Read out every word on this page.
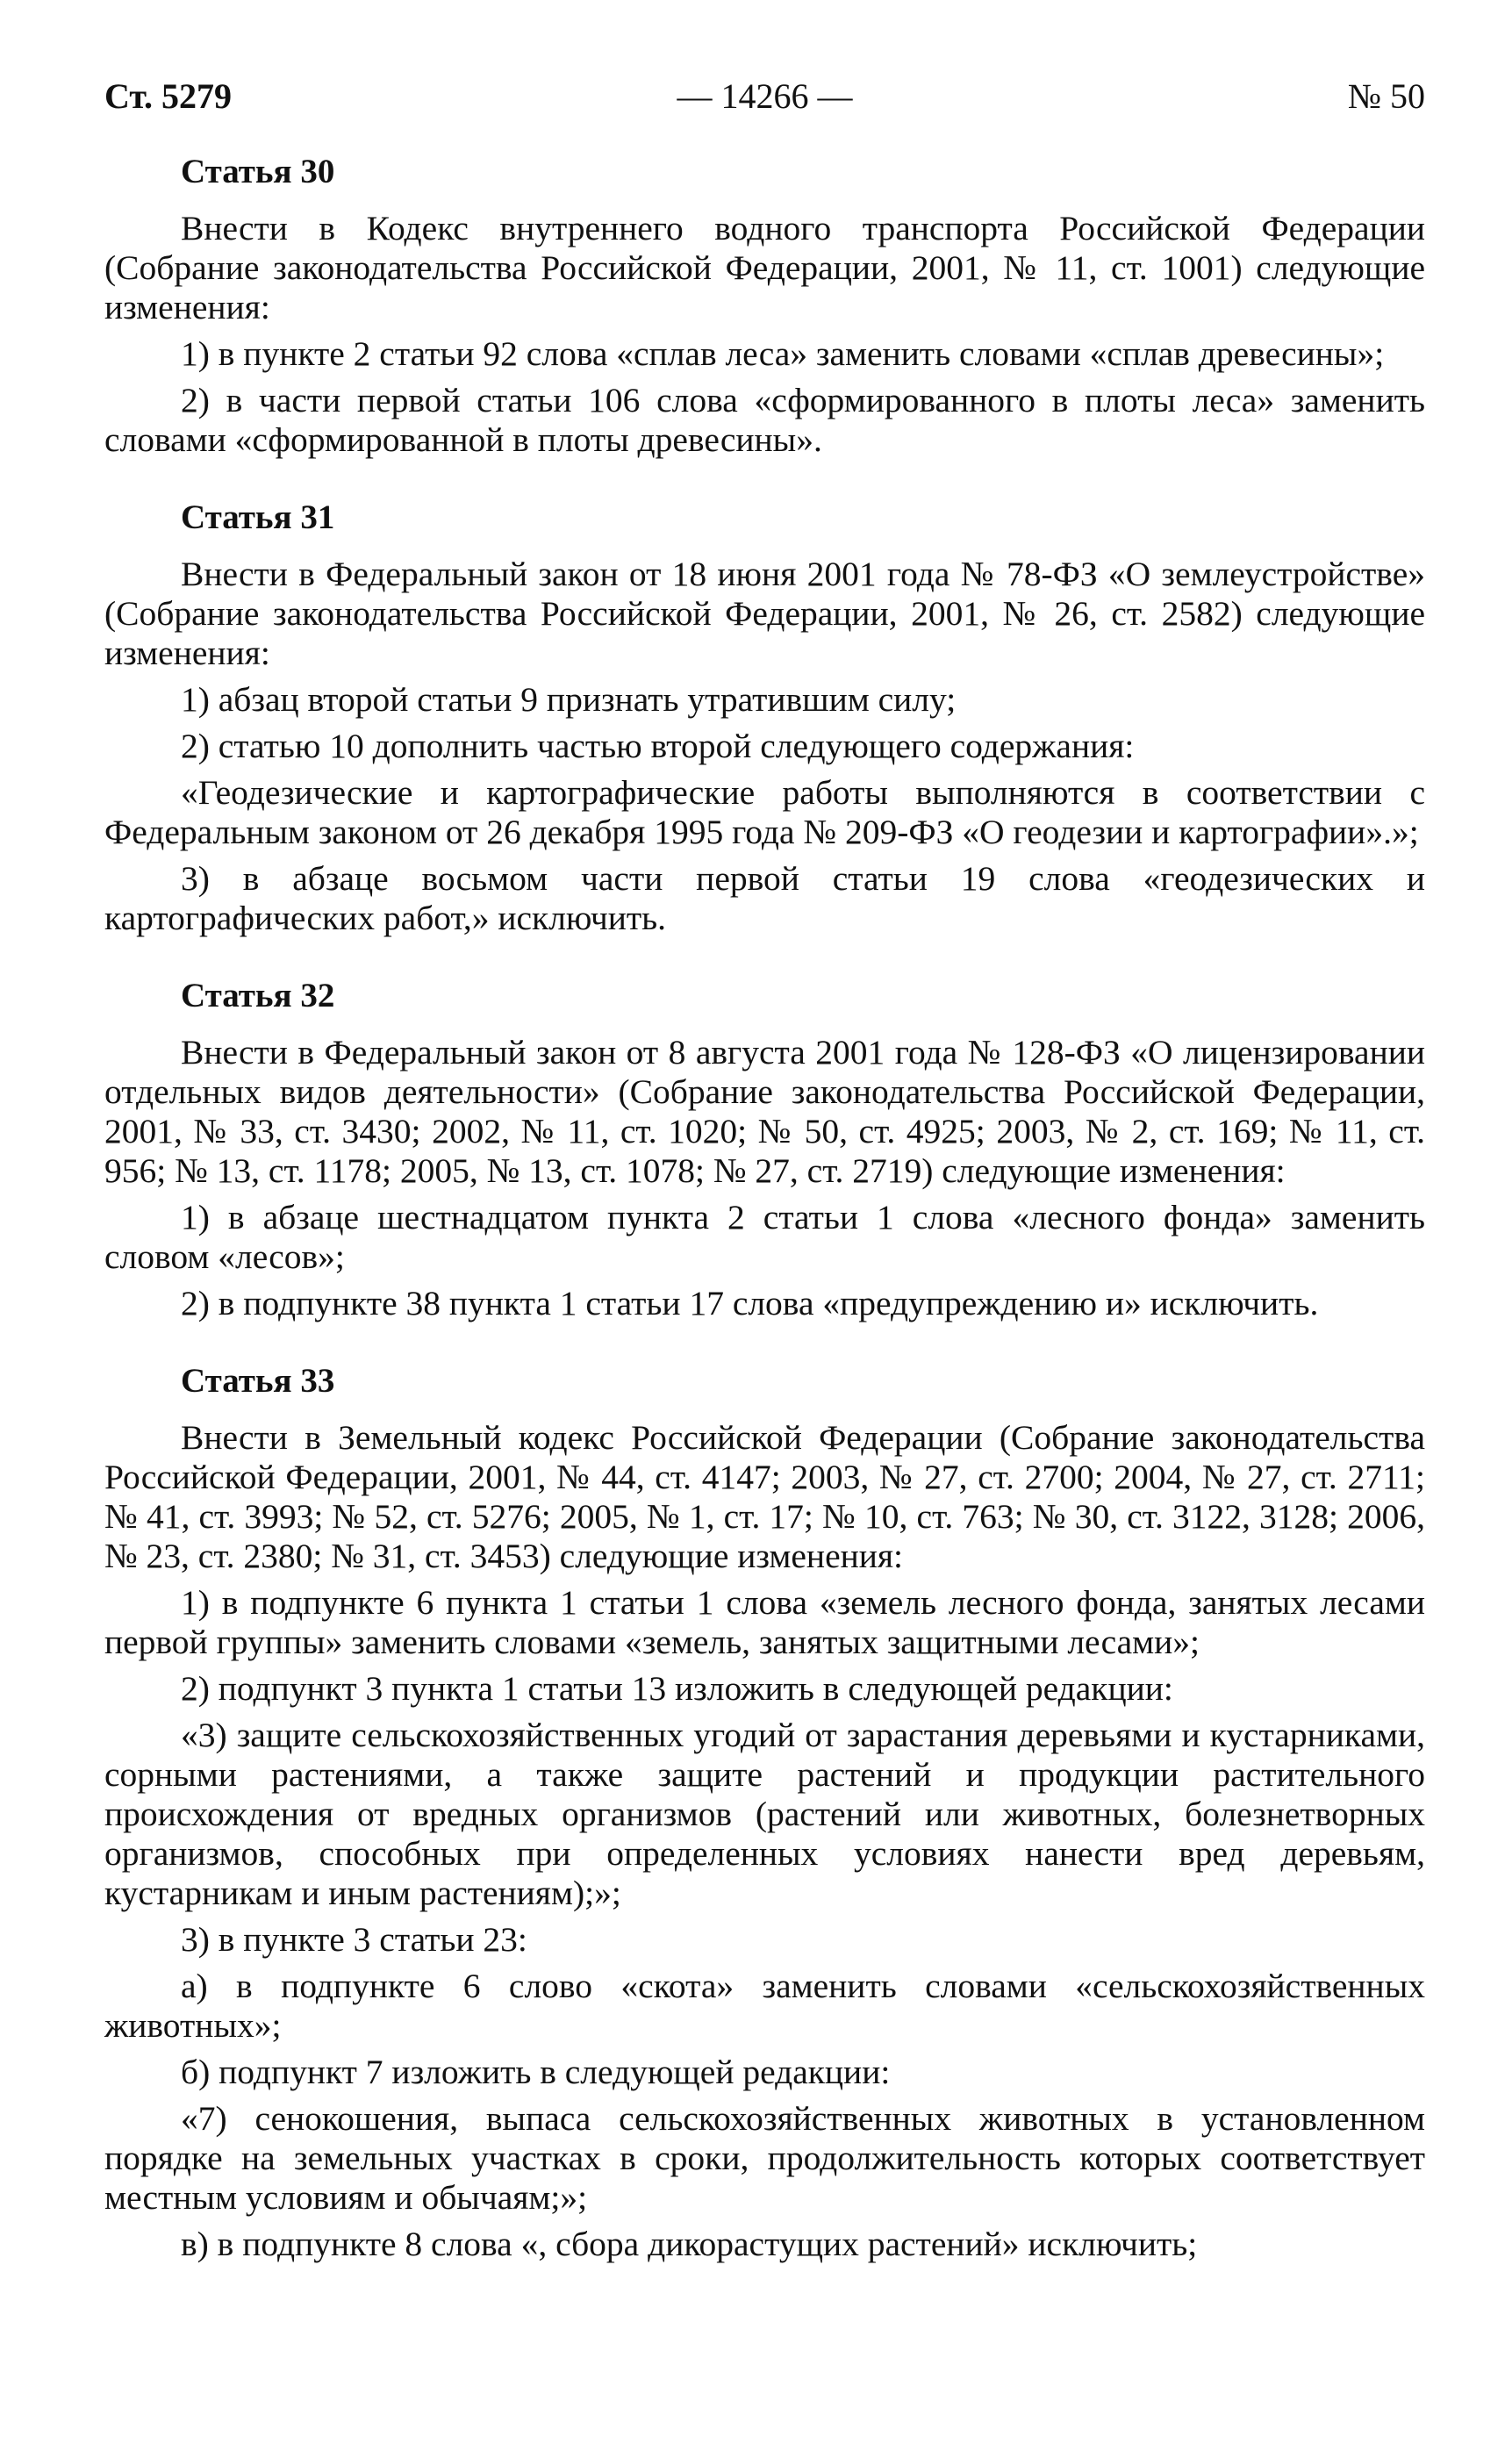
Ст. 5279	— 14266 —	№ 50
Статья 30

Внести в Кодекс внутреннего водного транспорта Российской Федерации (Собрание законодательства Российской Федерации, 2001, № 11, ст. 1001) следующие изменения:

1) в пункте 2 статьи 92 слова «сплав леса» заменить словами «сплав древесины»;

2) в части первой статьи 106 слова «сформированного в плоты леса» заменить словами «сформированной в плоты древесины».

Статья 31

Внести в Федеральный закон от 18 июня 2001 года № 78-ФЗ «О землеустройстве» (Собрание законодательства Российской Федерации, 2001, № 26, ст. 2582) следующие изменения:

1) абзац второй статьи 9 признать утратившим силу;

2) статью 10 дополнить частью второй следующего содержания:

«Геодезические и картографические работы выполняются в соответствии с Федеральным законом от 26 декабря 1995 года № 209-ФЗ «О геодезии и картографии».»;

3) в абзаце восьмом части первой статьи 19 слова «геодезических и картографических работ,» исключить.

Статья 32

Внести в Федеральный закон от 8 августа 2001 года № 128-ФЗ «О лицензировании отдельных видов деятельности» (Собрание законодательства Российской Федерации, 2001, № 33, ст. 3430; 2002, № 11, ст. 1020; № 50, ст. 4925; 2003, № 2, ст. 169; № 11, ст. 956; № 13, ст. 1178; 2005, № 13, ст. 1078; № 27, ст. 2719) следующие изменения:

1) в абзаце шестнадцатом пункта 2 статьи 1 слова «лесного фонда» заменить словом «лесов»;

2) в подпункте 38 пункта 1 статьи 17 слова «предупреждению и» исключить.

Статья 33

Внести в Земельный кодекс Российской Федерации (Собрание законодательства Российской Федерации, 2001, № 44, ст. 4147; 2003, № 27, ст. 2700; 2004, № 27, ст. 2711; № 41, ст. 3993; № 52, ст. 5276; 2005, № 1, ст. 17; № 10, ст. 763; № 30, ст. 3122, 3128; 2006, № 23, ст. 2380; № 31, ст. 3453) следующие изменения:

1) в подпункте 6 пункта 1 статьи 1 слова «земель лесного фонда, занятых лесами первой группы» заменить словами «земель, занятых защитными лесами»;

2) подпункт 3 пункта 1 статьи 13 изложить в следующей редакции:

«3) защите сельскохозяйственных угодий от зарастания деревьями и кустарниками, сорными растениями, а также защите растений и продукции растительного происхождения от вредных организмов (растений или животных, болезнетворных организмов, способных при определенных условиях нанести вред деревьям, кустарникам и иным растениям);»;

3) в пункте 3 статьи 23:

а) в подпункте 6 слово «скота» заменить словами «сельскохозяйственных животных»;

б) подпункт 7 изложить в следующей редакции:

«7) сенокошения, выпаса сельскохозяйственных животных в установленном порядке на земельных участках в сроки, продолжительность которых соответствует местным условиям и обычаям;»;

в) в подпункте 8 слова «, сбора дикорастущих растений» исключить;
